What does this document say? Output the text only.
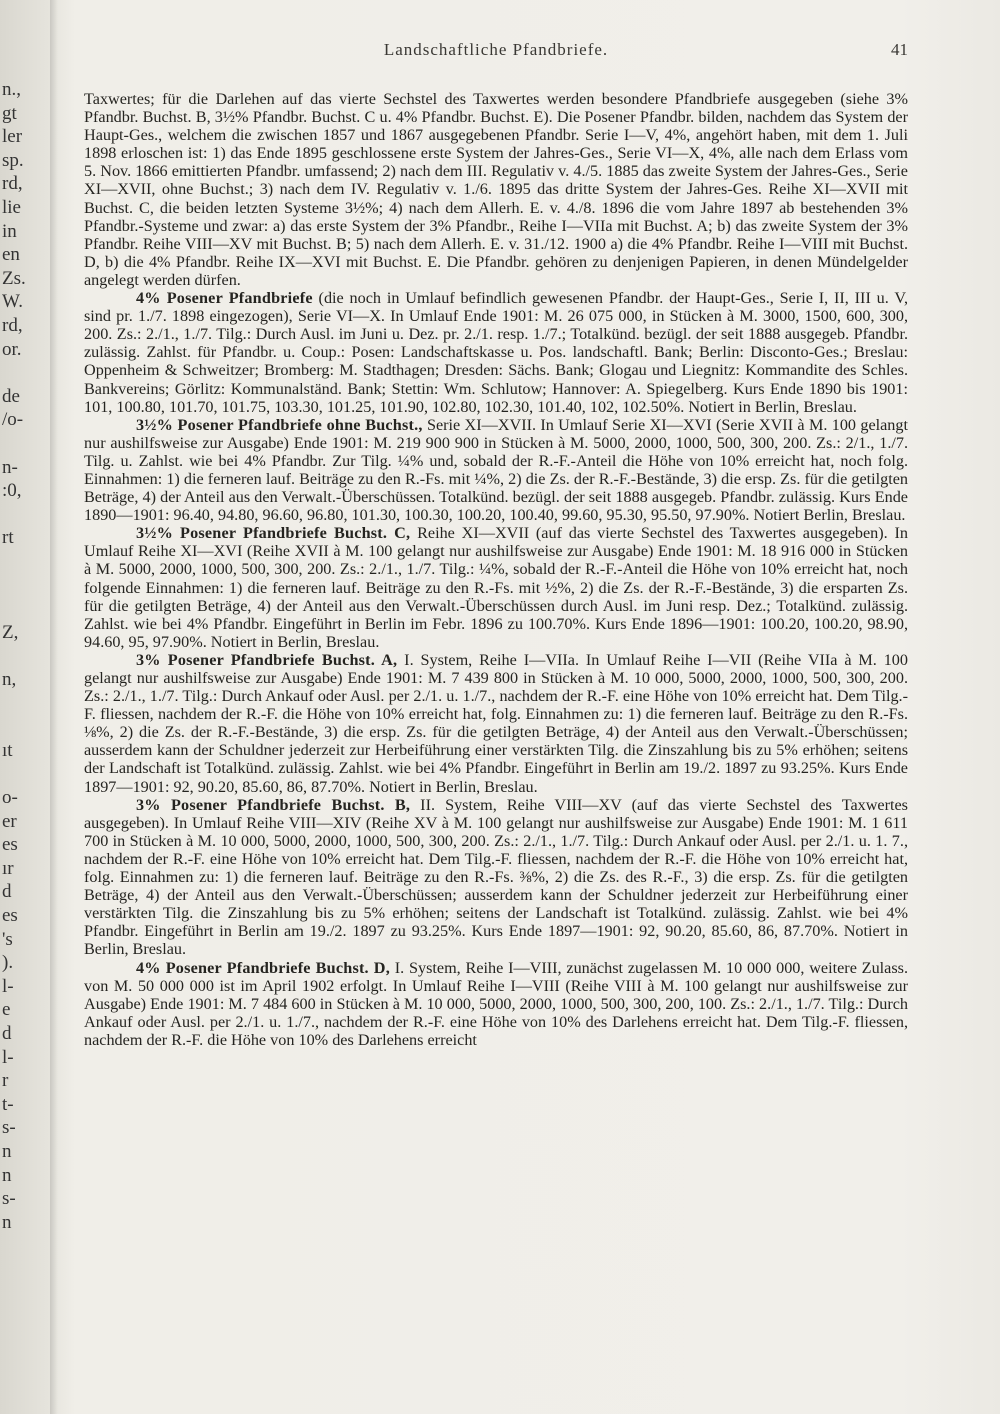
n.,
gt
ler
sp.
rd,
lie
in
en
Zs.
W.
rd,
or.
de
/o-
n-
:0,
rt
Z,
n,
ıt
o-
er
es
ır
d
es
's
).
l-
e
d
l-
r
t-
s-
n
n
s-
n
Landschaftliche Pfandbriefe.	41

Taxwertes; für die Darlehen auf das vierte Sechstel des Taxwertes werden besondere Pfandbriefe ausgegeben (siehe 3% Pfandbr. Buchst. B, 3½% Pfandbr. Buchst. C u. 4% Pfandbr. Buchst. E). Die Posener Pfandbr. bilden, nachdem das System der Haupt-Ges., welchem die zwischen 1857 und 1867 ausgegebenen Pfandbr. Serie I—V, 4%, angehört haben, mit dem 1. Juli 1898 erloschen ist: 1) das Ende 1895 geschlossene erste System der Jahres-Ges., Serie VI—X, 4%, alle nach dem Erlass vom 5. Nov. 1866 emittierten Pfandbr. umfassend; 2) nach dem III. Regulativ v. 4./5. 1885 das zweite System der Jahres-Ges., Serie XI—XVII, ohne Buchst.; 3) nach dem IV. Regulativ v. 1./6. 1895 das dritte System der Jahres-Ges. Reihe XI—XVII mit Buchst. C, die beiden letzten Systeme 3½%; 4) nach dem Allerh. E. v. 4./8. 1896 die vom Jahre 1897 ab bestehenden 3% Pfandbr.-Systeme und zwar: a) das erste System der 3% Pfandbr., Reihe I—VIIa mit Buchst. A; b) das zweite System der 3% Pfandbr. Reihe VIII—XV mit Buchst. B; 5) nach dem Allerh. E. v. 31./12. 1900 a) die 4% Pfandbr. Reihe I—VIII mit Buchst. D, b) die 4% Pfandbr. Reihe IX—XVI mit Buchst. E. Die Pfandbr. gehören zu denjenigen Papieren, in denen Mündelgelder angelegt werden dürfen.

4% Posener Pfandbriefe (die noch in Umlauf befindlich gewesenen Pfandbr. der Haupt-Ges., Serie I, II, III u. V, sind pr. 1./7. 1898 eingezogen), Serie VI—X. In Umlauf Ende 1901: M. 26 075 000, in Stücken à M. 3000, 1500, 600, 300, 200. Zs.: 2./1., 1./7. Tilg.: Durch Ausl. im Juni u. Dez. pr. 2./1. resp. 1./7.; Totalkünd. bezügl. der seit 1888 ausgegeb. Pfandbr. zulässig. Zahlst. für Pfandbr. u. Coup.: Posen: Landschaftskasse u. Pos. landschaftl. Bank; Berlin: Disconto-Ges.; Breslau: Oppenheim & Schweitzer; Bromberg: M. Stadthagen; Dresden: Sächs. Bank; Glogau und Liegnitz: Kommandite des Schles. Bankvereins; Görlitz: Kommunalständ. Bank; Stettin: Wm. Schlutow; Hannover: A. Spiegelberg. Kurs Ende 1890 bis 1901: 101, 100.80, 101.70, 101.75, 103.30, 101.25, 101.90, 102.80, 102.30, 101.40, 102, 102.50%. Notiert in Berlin, Breslau.

3½% Posener Pfandbriefe ohne Buchst., Serie XI—XVII. In Umlauf Serie XI—XVI (Serie XVII à M. 100 gelangt nur aushilfsweise zur Ausgabe) Ende 1901: M. 219 900 900 in Stücken à M. 5000, 2000, 1000, 500, 300, 200. Zs.: 2/1., 1./7. Tilg. u. Zahlst. wie bei 4% Pfandbr. Zur Tilg. ¼% und, sobald der R.-F.-Anteil die Höhe von 10% erreicht hat, noch folg. Einnahmen: 1) die ferneren lauf. Beiträge zu den R.-Fs. mit ¼%, 2) die Zs. der R.-F.-Bestände, 3) die ersp. Zs. für die getilgten Beträge, 4) der Anteil aus den Verwalt.-Überschüssen. Totalkünd. bezügl. der seit 1888 ausgegeb. Pfandbr. zulässig. Kurs Ende 1890—1901: 96.40, 94.80, 96.60, 96.80, 101.30, 100.30, 100.20, 100.40, 99.60, 95.30, 95.50, 97.90%. Notiert Berlin, Breslau.

3½% Posener Pfandbriefe Buchst. C, Reihe XI—XVII (auf das vierte Sechstel des Taxwertes ausgegeben). In Umlauf Reihe XI—XVI (Reihe XVII à M. 100 gelangt nur aushilfsweise zur Ausgabe) Ende 1901: M. 18 916 000 in Stücken à M. 5000, 2000, 1000, 500, 300, 200. Zs.: 2./1., 1./7. Tilg.: ¼%, sobald der R.-F.-Anteil die Höhe von 10% erreicht hat, noch folgende Einnahmen: 1) die ferneren lauf. Beiträge zu den R.-Fs. mit ½%, 2) die Zs. der R.-F.-Bestände, 3) die ersparten Zs. für die getilgten Beträge, 4) der Anteil aus den Verwalt.-Überschüssen durch Ausl. im Juni resp. Dez.; Totalkünd. zulässig. Zahlst. wie bei 4% Pfandbr. Eingeführt in Berlin im Febr. 1896 zu 100.70%. Kurs Ende 1896—1901: 100.20, 100.20, 98.90, 94.60, 95, 97.90%. Notiert in Berlin, Breslau.

3% Posener Pfandbriefe Buchst. A, I. System, Reihe I—VIIa. In Umlauf Reihe I—VII (Reihe VIIa à M. 100 gelangt nur aushilfsweise zur Ausgabe) Ende 1901: M. 7 439 800 in Stücken à M. 10 000, 5000, 2000, 1000, 500, 300, 200. Zs.: 2./1., 1./7. Tilg.: Durch Ankauf oder Ausl. per 2./1. u. 1./7., nachdem der R.-F. eine Höhe von 10% erreicht hat. Dem Tilg.-F. fliessen, nachdem der R.-F. die Höhe von 10% erreicht hat, folg. Einnahmen zu: 1) die ferneren lauf. Beiträge zu den R.-Fs. ⅛%, 2) die Zs. der R.-F.-Bestände, 3) die ersp. Zs. für die getilgten Beträge, 4) der Anteil aus den Verwalt.-Überschüssen; ausserdem kann der Schuldner jederzeit zur Herbeiführung einer verstärkten Tilg. die Zinszahlung bis zu 5% erhöhen; seitens der Landschaft ist Totalkünd. zulässig. Zahlst. wie bei 4% Pfandbr. Eingeführt in Berlin am 19./2. 1897 zu 93.25%. Kurs Ende 1897—1901: 92, 90.20, 85.60, 86, 87.70%. Notiert in Berlin, Breslau.

3% Posener Pfandbriefe Buchst. B, II. System, Reihe VIII—XV (auf das vierte Sechstel des Taxwertes ausgegeben). In Umlauf Reihe VIII—XIV (Reihe XV à M. 100 gelangt nur aushilfsweise zur Ausgabe) Ende 1901: M. 1 611 700 in Stücken à M. 10 000, 5000, 2000, 1000, 500, 300, 200. Zs.: 2./1., 1./7. Tilg.: Durch Ankauf oder Ausl. per 2./1. u. 1. 7., nachdem der R.-F. eine Höhe von 10% erreicht hat. Dem Tilg.-F. fliessen, nachdem der R.-F. die Höhe von 10% erreicht hat, folg. Einnahmen zu: 1) die ferneren lauf. Beiträge zu den R.-Fs. ⅜%, 2) die Zs. des R.-F., 3) die ersp. Zs. für die getilgten Beträge, 4) der Anteil aus den Verwalt.-Überschüssen; ausserdem kann der Schuldner jederzeit zur Herbeiführung einer verstärkten Tilg. die Zinszahlung bis zu 5% erhöhen; seitens der Landschaft ist Totalkünd. zulässig. Zahlst. wie bei 4% Pfandbr. Eingeführt in Berlin am 19./2. 1897 zu 93.25%. Kurs Ende 1897—1901: 92, 90.20, 85.60, 86, 87.70%. Notiert in Berlin, Breslau.

4% Posener Pfandbriefe Buchst. D, I. System, Reihe I—VIII, zunächst zugelassen M. 10 000 000, weitere Zulass. von M. 50 000 000 ist im April 1902 erfolgt. In Umlauf Reihe I—VIII (Reihe VIII à M. 100 gelangt nur aushilfsweise zur Ausgabe) Ende 1901: M. 7 484 600 in Stücken à M. 10 000, 5000, 2000, 1000, 500, 300, 200, 100. Zs.: 2./1., 1./7. Tilg.: Durch Ankauf oder Ausl. per 2./1. u. 1./7., nachdem der R.-F. eine Höhe von 10% des Darlehens erreicht hat. Dem Tilg.-F. fliessen, nachdem der R.-F. die Höhe von 10% des Darlehens erreicht
